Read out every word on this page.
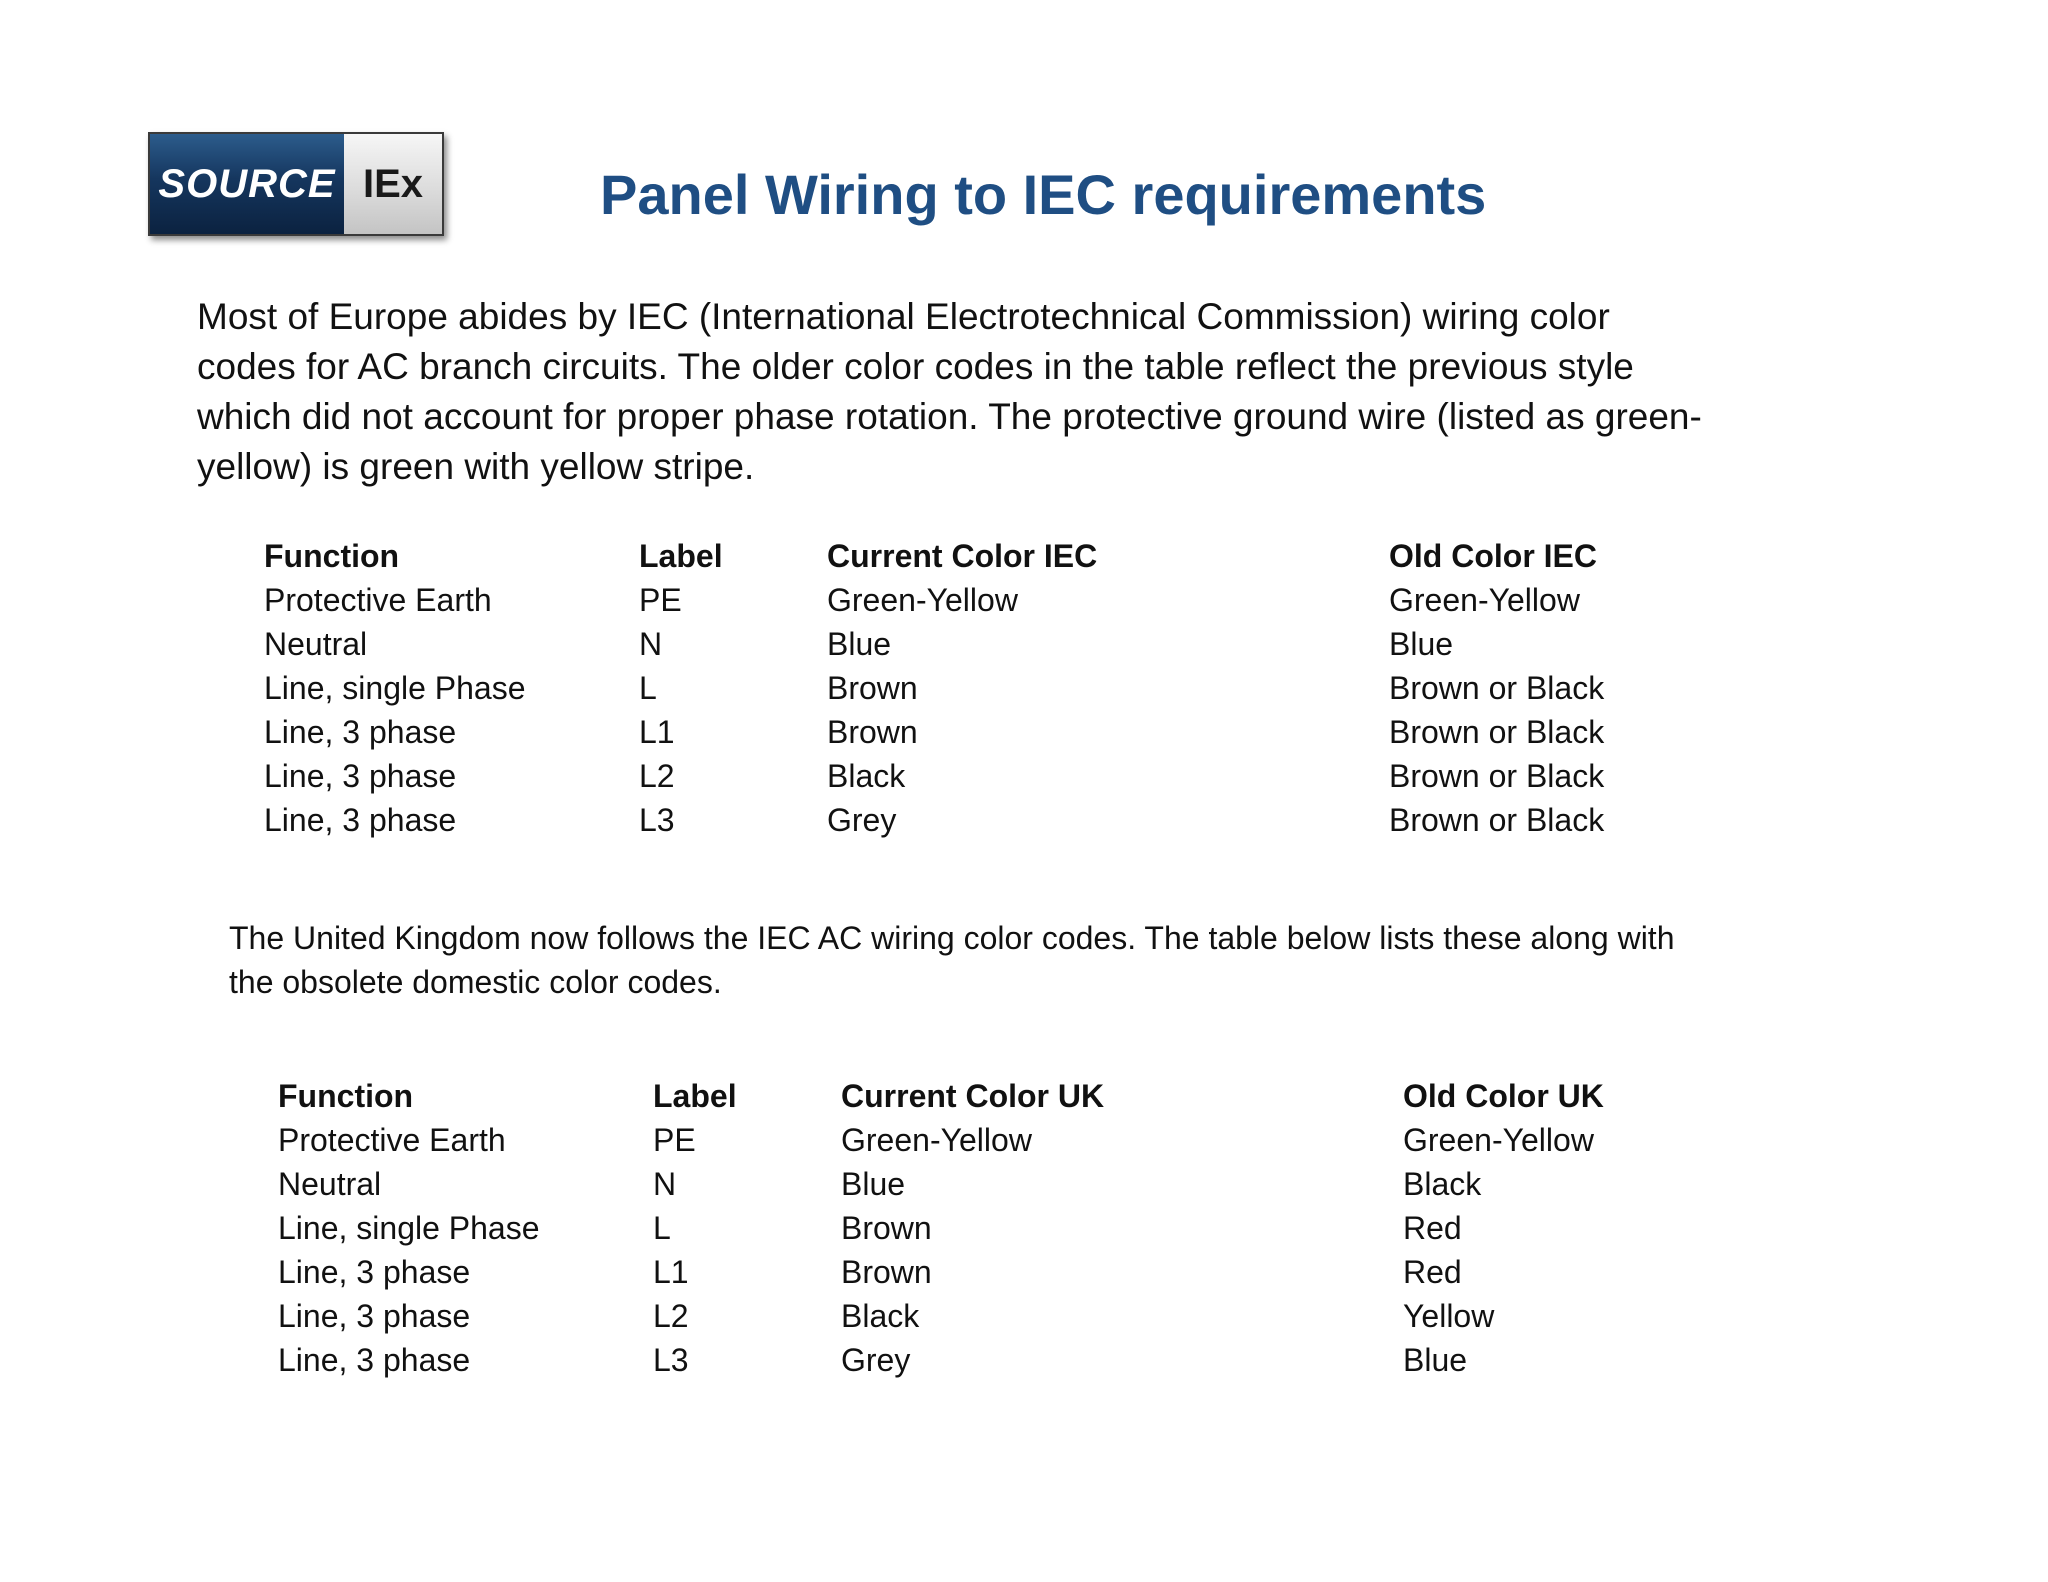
SOURCE IEx	Panel Wiring to IEC requirements

Most of Europe abides by IEC (International Electrotechnical Commission) wiring color codes for AC branch circuits. The older color codes in the table reflect the previous style which did not account for proper phase rotation. The protective ground wire (listed as green-yellow) is green with yellow stripe.

Function	Label	Current Color IEC	Old Color IEC
Protective Earth	PE	Green-Yellow	Green-Yellow
Neutral	N	Blue	Blue
Line, single Phase	L	Brown	Brown or Black
Line, 3 phase	L1	Brown	Brown or Black
Line, 3 phase	L2	Black	Brown or Black
Line, 3 phase	L3	Grey	Brown or Black

The United Kingdom now follows the IEC AC wiring color codes. The table below lists these along with the obsolete domestic color codes.

Function	Label	Current Color UK	Old Color UK
Protective Earth	PE	Green-Yellow	Green-Yellow
Neutral	N	Blue	Black
Line, single Phase	L	Brown	Red
Line, 3 phase	L1	Brown	Red
Line, 3 phase	L2	Black	Yellow
Line, 3 phase	L3	Grey	Blue
